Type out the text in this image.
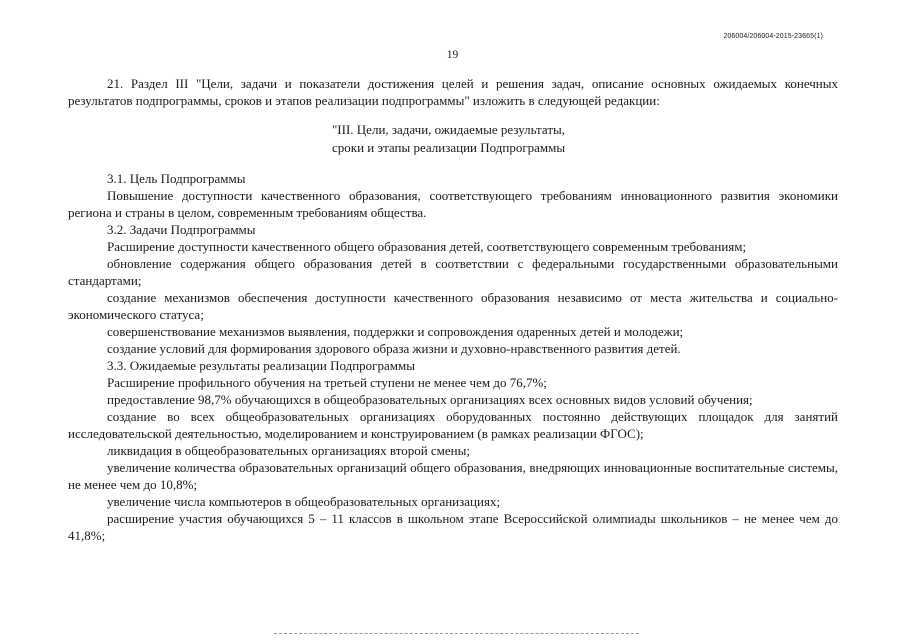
206004/206004-2015-23665(1)
19

21. Раздел III "Цели, задачи и показатели достижения целей и решения задач, описание основных ожидаемых конечных результатов подпрограммы, сроков и этапов реализации подпрограммы" изложить в следующей редакции:

"III. Цели, задачи, ожидаемые результаты,
сроки и этапы реализации Подпрограммы

3.1. Цель Подпрограммы

Повышение доступности качественного образования, соответствующего требованиям инновационного развития экономики региона и страны в целом, современным требованиям общества.

3.2. Задачи Подпрограммы

Расширение доступности качественного общего образования детей, соответствующего современным требованиям;

обновление содержания общего образования детей в соответствии с федеральными государственными образовательными стандартами;

создание механизмов обеспечения доступности качественного образования независимо от места жительства и социально-экономического статуса;

совершенствование механизмов выявления, поддержки и сопровождения одаренных детей и молодежи;

создание условий для формирования здорового образа жизни и духовно-нравственного развития детей.

3.3. Ожидаемые результаты реализации Подпрограммы

Расширение профильного обучения на третьей ступени не менее чем до 76,7%;

предоставление 98,7% обучающихся в общеобразовательных организациях всех основных видов условий обучения;

создание во всех общеобразовательных организациях оборудованных постоянно действующих площадок для занятий исследовательской деятельностью, моделированием и конструированием (в рамках реализации ФГОС);

ликвидация в общеобразовательных организациях второй смены;

увеличение количества образовательных организаций общего образования, внедряющих инновационные воспитательные системы, не менее чем до 10,8%;

увеличение числа компьютеров в общеобразовательных организациях;

расширение участия обучающихся 5 – 11 классов в школьном этапе Всероссийской олимпиады школьников – не менее чем до 41,8%;
